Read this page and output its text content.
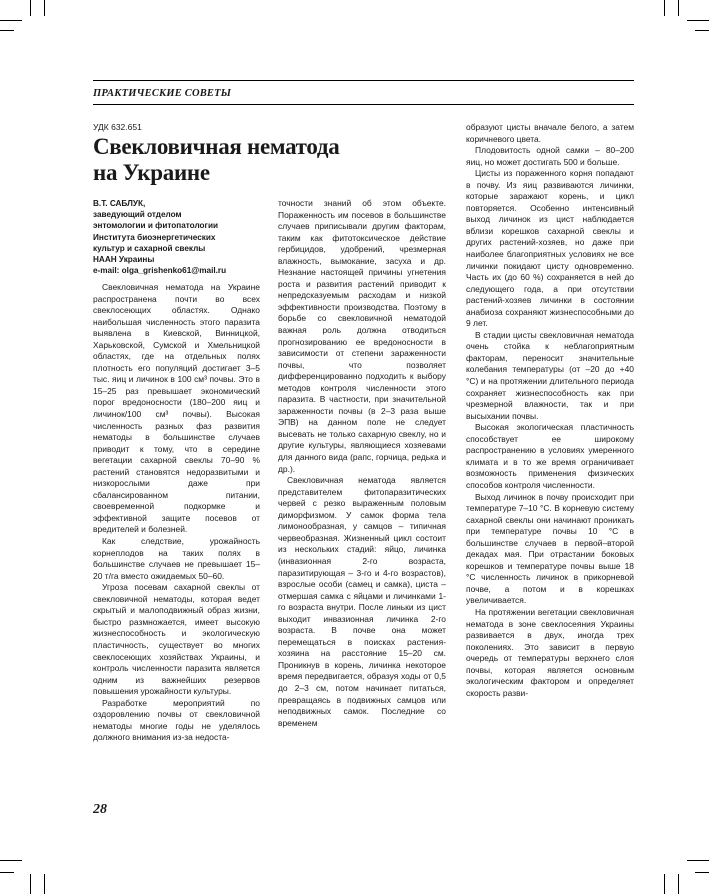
ПРАКТИЧЕСКИЕ СОВЕТЫ
УДК 632.651
Свекловичная нематода
на Украине
В.Т. САБЛУК,
заведующий отделом
энтомологии и фитопатологии
Института биоэнергетических
культур и сахарной свеклы
НААН Украины
e-mail: olga_grishenko61@mail.ru

Свекловичная нематода на Украине распространена почти во всех свеклосеющих областях. Однако наибольшая численность этого паразита выявлена в Киевской, Винницкой, Харьковской, Сумской и Хмельницкой областях, где на отдельных полях плотность его популяций достигает 3–5 тыс. яиц и личинок в 100 см³ почвы. Это в 15–25 раз превышает экономический порог вредоносности (180–200 яиц и личинок/100 см³ почвы). Высокая численность разных фаз развития нематоды в большинстве случаев приводит к тому, что в середине вегетации сахарной свеклы 70–90 % растений становятся недоразвитыми и низкорослыми даже при сбалансированном питании, своевременной подкормке и эффективной защите посевов от вредителей и болезней.

Как следствие, урожайность корнеплодов на таких полях в большинстве случаев не превышает 15–20 т/га вместо ожидаемых 50–60.

Угроза посевам сахарной свеклы от свекловичной нематоды, которая ведет скрытый и малоподвижный образ жизни, быстро размножается, имеет высокую жизнеспособность и экологическую пластичность, существует во многих свеклосеющих хозяйствах Украины, и контроль численности паразита является одним из важнейших резервов повышения урожайности культуры.

Разработке мероприятий по оздоровлению почвы от свекловичной нематоды многие годы не уделялось должного внимания из-за недоста-

точности знаний об этом объекте. Пораженность им посевов в большинстве случаев приписывали другим факторам, таким как фитотоксическое действие гербицидов, удобрений, чрезмерная влажность, вымокание, засуха и др. Незнание настоящей причины угнетения роста и развития растений приводит к непредсказуемым расходам и низкой эффективности производства. Поэтому в борьбе со свекловичной нематодой важная роль должна отводиться прогнозированию ее вредоносности в зависимости от степени зараженности почвы, что позволяет дифференцированно подходить к выбору методов контроля численности этого паразита. В частности, при значительной зараженности почвы (в 2–3 раза выше ЭПВ) на данном поле не следует высевать не только сахарную свеклу, но и другие культуры, являющиеся хозяевами для данного вида (рапс, горчица, редька и др.).

Свекловичная нематода является представителем фитопаразитических червей с резко выраженным половым диморфизмом. У самок форма тела лимонообразная, у самцов – типичная червеобразная. Жизненный цикл состоит из нескольких стадий: яйцо, личинка (инвазионная 2-го возраста, паразитирующая – 3-го и 4-го возрастов), взрослые особи (самец и самка), циста – отмершая самка с яйцами и личинками 1-го возраста внутри. После линьки из цист выходит инвазионная личинка 2-го возраста. В почве она может перемещаться в поисках растения-хозяина на расстояние 15–20 см. Проникнув в корень, личинка некоторое время передвигается, образуя ходы от 0,5 до 2–3 см, потом начинает питаться, превращаясь в подвижных самцов или неподвижных самок. Последние со временем

образуют цисты вначале белого, а затем коричневого цвета.

Плодовитость одной самки – 80–200 яиц, но может достигать 500 и больше.

Цисты из пораженного корня попадают в почву. Из яиц развиваются личинки, которые заражают корень, и цикл повторяется. Особенно интенсивный выход личинок из цист наблюдается вблизи корешков сахарной свеклы и других растений-хозяев, но даже при наиболее благоприятных условиях не все личинки покидают цисту одновременно. Часть их (до 60 %) сохраняется в ней до следующего года, а при отсутствии растений-хозяев личинки в состоянии анабиоза сохраняют жизнеспособными до 9 лет.

В стадии цисты свекловичная нематода очень стойка к неблагоприятным факторам, переносит значительные колебания температуры (от –20 до +40 °С) и на протяжении длительного периода сохраняет жизнеспособность как при чрезмерной влажности, так и при высыхании почвы.

Высокая экологическая пластичность способствует ее широкому распространению в условиях умеренного климата и в то же время ограничивает возможность применения физических способов контроля численности.

Выход личинок в почву происходит при температуре 7–10 °С. В корневую систему сахарной свеклы они начинают проникать при температуре почвы 10 °С в большинстве случаев в первой–второй декадах мая. При отрастании боковых корешков и температуре почвы выше 18 °С численность личинок в прикорневой почве, а потом и в корешках увеличивается.

На протяжении вегетации свекловичная нематода в зоне свеклосеяния Украины развивается в двух, иногда трех поколениях. Это зависит в первую очередь от температуры верхнего слоя почвы, которая является основным экологическим фактором и определяет скорость разви-

28
